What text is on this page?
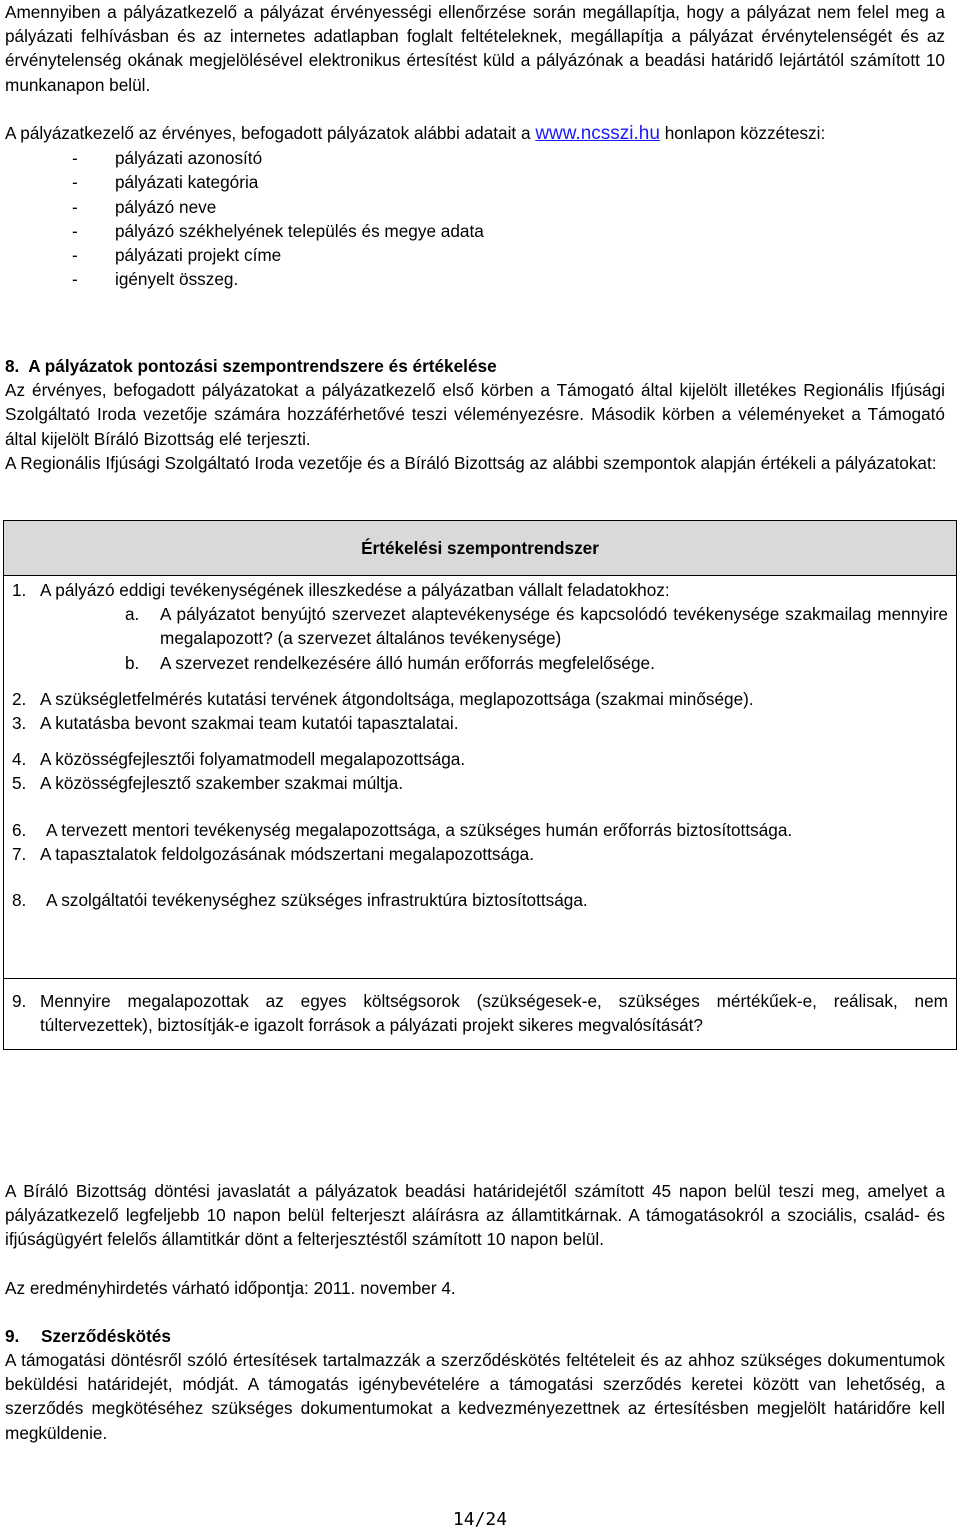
Amennyiben a pályázatkezelő a pályázat érvényességi ellenőrzése során megállapítja, hogy a pályázat nem felel meg a pályázati felhívásban és az internetes adatlapban foglalt feltételeknek, megállapítja a pályázat érvénytelenségét és az érvénytelenség okának megjelölésével elektronikus értesítést küld a pályázónak a beadási határidő lejártától számított 10 munkanapon belül.

A pályázatkezelő az érvényes, befogadott pályázatok alábbi adatait a www.ncsszi.hu honlapon közzéteszi:

- pályázati azonosító
- pályázati kategória
- pályázó neve
- pályázó székhelyének település és megye adata
- pályázati projekt címe
- igényelt összeg.

8.  A pályázatok pontozási szempontrendszere és értékelése

Az érvényes, befogadott pályázatokat a pályázatkezelő első körben a Támogató által kijelölt illetékes Regionális Ifjúsági Szolgáltató Iroda vezetője számára hozzáférhetővé teszi véleményezésre. Második körben a véleményeket a Támogató által kijelölt Bíráló Bizottság elé terjeszti.

A Regionális Ifjúsági Szolgáltató Iroda vezetője és a Bíráló Bizottság az alábbi szempontok alapján értékeli a pályázatokat:

Értékelési szempontrendszer
1. A pályázó eddigi tevékenységének illeszkedése a pályázatban vállalt feladatokhoz:
a. A pályázatot benyújtó szervezet alaptevékenysége és kapcsolódó tevékenysége szakmailag mennyire megalapozott? (a szervezet általános tevékenysége)
b. A szervezet rendelkezésére álló humán erőforrás megfelelősége.
2. A szükségletfelmérés kutatási tervének átgondoltsága, meglapozottsága (szakmai minősége).
3. A kutatásba bevont szakmai team kutatói tapasztalatai.
4. A közösségfejlesztői folyamatmodell megalapozottsága.
5. A közösségfejlesztő szakember szakmai múltja.
6. A tervezett mentori tevékenység megalapozottsága, a szükséges humán erőforrás biztosítottsága.
7. A tapasztalatok feldolgozásának módszertani megalapozottsága.
8. A szolgáltatói tevékenységhez szükséges infrastruktúra biztosítottsága.
9. Mennyire megalapozottak az egyes költségsorok (szükségesek-e, szükséges mértékűek-e, reálisak, nem túltervezettek), biztosítják-e igazolt források a pályázati projekt sikeres megvalósítását?

A Bíráló Bizottság döntési javaslatát a pályázatok beadási határidejétől számított 45 napon belül teszi meg, amelyet a pályázatkezelő legfeljebb 10 napon belül felterjeszt aláírásra az államtitkárnak. A támogatásokról a szociális, család- és ifjúságügyért felelős államtitkár dönt a felterjesztéstől számított 10 napon belül.

Az eredményhirdetés várható időpontja: 2011. november 4.

9. Szerződéskötés

A támogatási döntésről szóló értesítések tartalmazzák a szerződéskötés feltételeit és az ahhoz szükséges dokumentumok beküldési határidejét, módját. A támogatás igénybevételére a támogatási szerződés keretei között van lehetőség, a szerződés megkötéséhez szükséges dokumentumokat a kedvezményezettnek az értesítésben megjelölt határidőre kell megküldenie.

14/24
